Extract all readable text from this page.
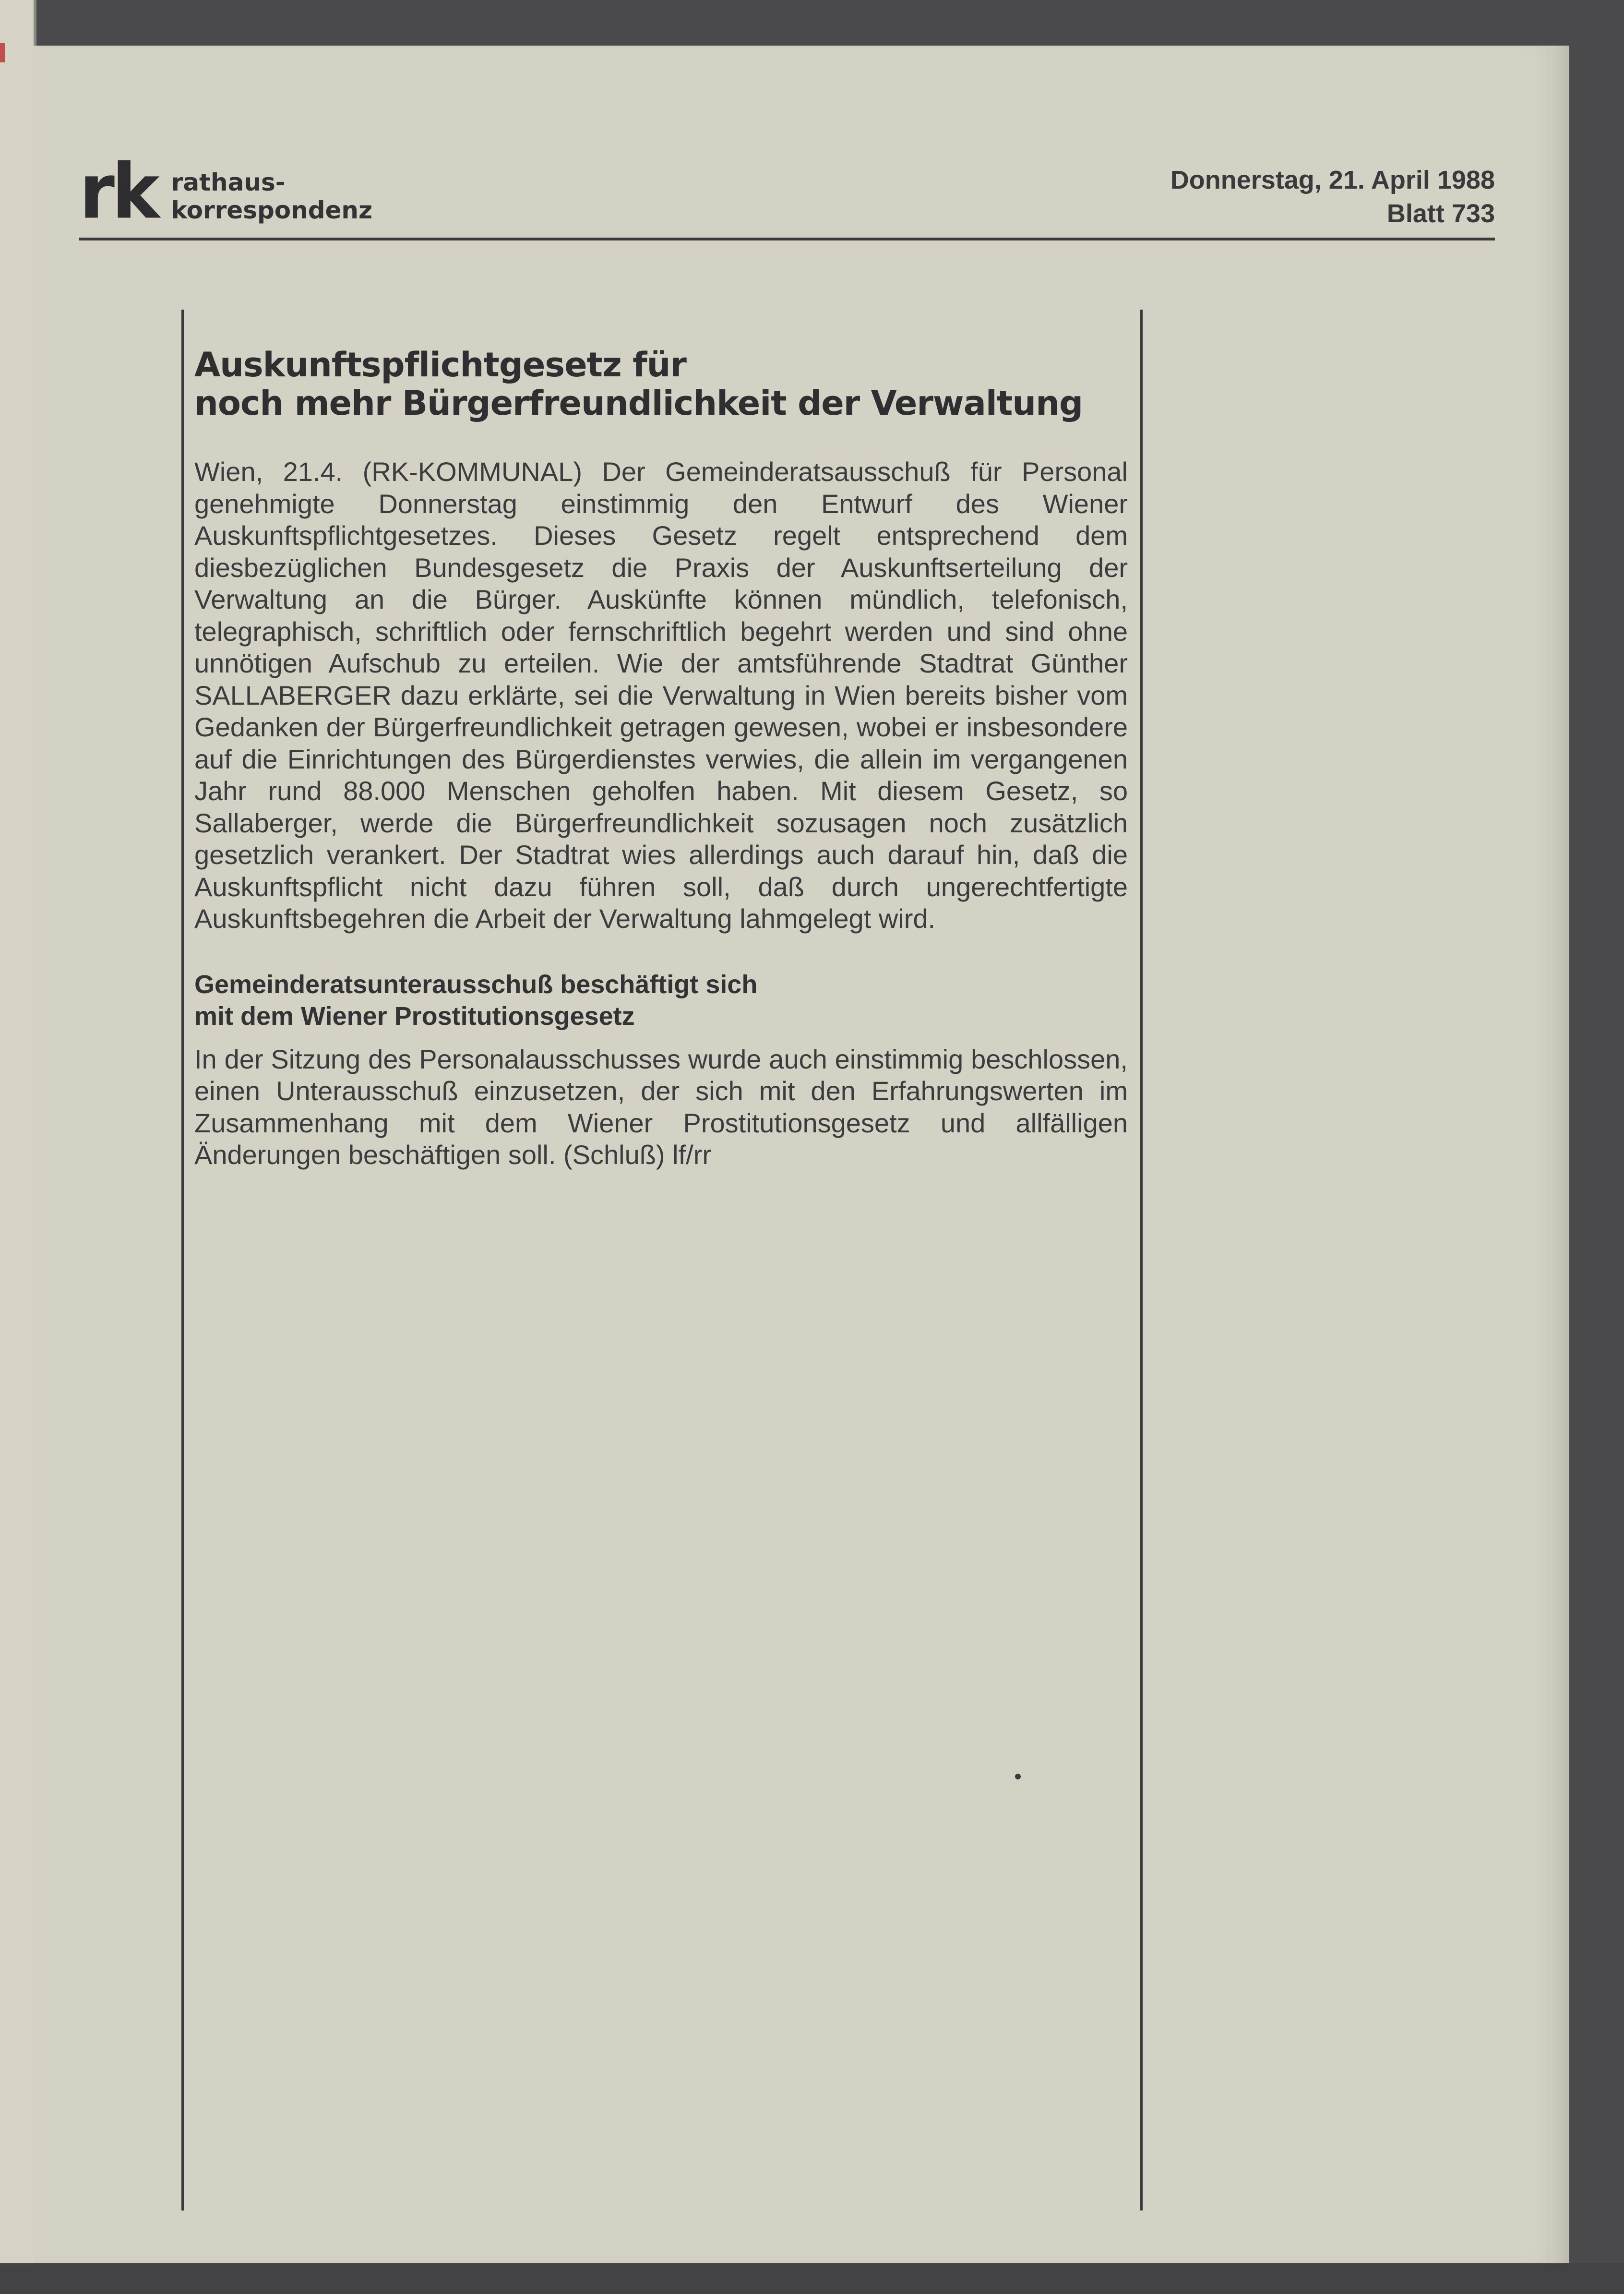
rk rathaus-
korrespondenz
Donnerstag, 21. April 1988
Blatt 733
Auskunftspflichtgesetz für
noch mehr Bürgerfreundlichkeit der Verwaltung

Wien, 21.4. (RK-KOMMUNAL) Der Gemeinderatsausschuß für Personal genehmigte Donnerstag einstimmig den Entwurf des Wiener Auskunftspflichtgesetzes. Dieses Gesetz regelt entsprechend dem diesbezüglichen Bundesgesetz die Praxis der Auskunftserteilung der Verwaltung an die Bürger. Auskünfte können mündlich, telefonisch, telegraphisch, schriftlich oder fernschriftlich begehrt werden und sind ohne unnötigen Aufschub zu erteilen. Wie der amtsführende Stadtrat Günther SALLABERGER dazu erklärte, sei die Verwaltung in Wien bereits bisher vom Gedanken der Bürgerfreundlichkeit getragen gewesen, wobei er insbesondere auf die Einrichtungen des Bürgerdienstes verwies, die allein im vergangenen Jahr rund 88.000 Menschen geholfen haben. Mit diesem Gesetz, so Sallaberger, werde die Bürgerfreundlichkeit sozusagen noch zusätzlich gesetzlich verankert. Der Stadtrat wies allerdings auch darauf hin, daß die Auskunftspflicht nicht dazu führen soll, daß durch ungerechtfertigte Auskunftsbegehren die Arbeit der Verwaltung lahmgelegt wird.

Gemeinderatsunterausschuß beschäftigt sich
mit dem Wiener Prostitutionsgesetz

In der Sitzung des Personalausschusses wurde auch einstimmig beschlossen, einen Unterausschuß einzusetzen, der sich mit den Erfahrungswerten im Zusammenhang mit dem Wiener Prostitutionsgesetz und allfälligen Änderungen beschäftigen soll. (Schluß) lf/rr
